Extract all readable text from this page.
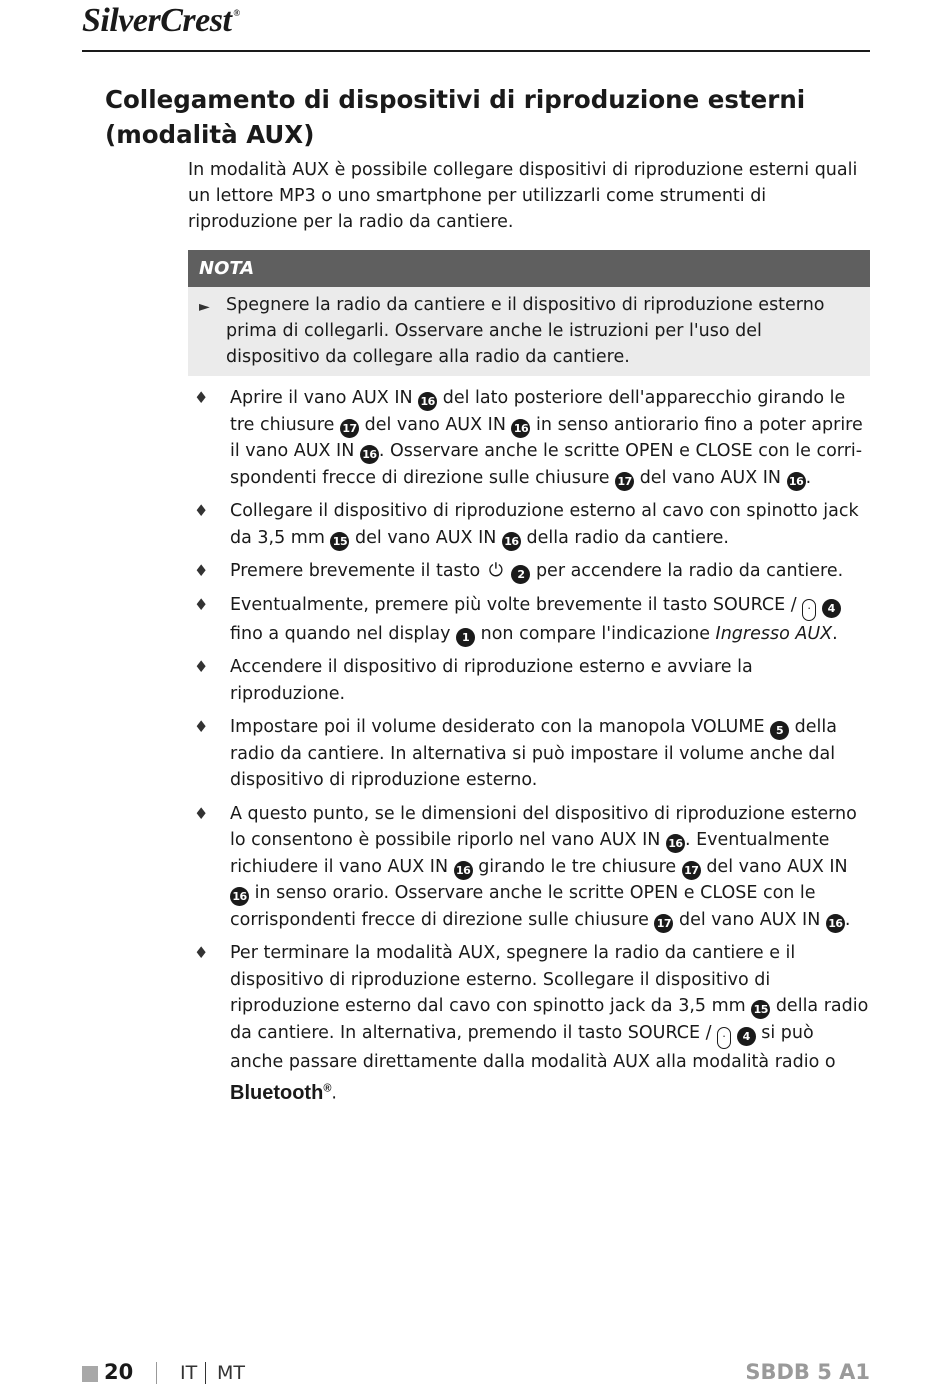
SilverCrest ®
Collegamento di dispositivi di riproduzione esterni (modalità AUX)

In modalità AUX è possibile collegare dispositivi di riproduzione esterni quali un lettore MP3 o uno smartphone per utilizzarli come strumenti di riproduzione per la radio da cantiere.

NOTA
► Spegnere la radio da cantiere e il dispositivo di riproduzione esterno prima di collegarli. Osservare anche le istruzioni per l'uso del dispositivo da collegare alla radio da cantiere.
♦ Aprire il vano AUX IN 16 del lato posteriore dell'apparecchio girando le tre chiusure 17 del vano AUX IN 16 in senso antiorario fino a poter aprire il vano AUX IN 16 . Osservare anche le scritte OPEN e CLOSE con le corri-spondenti frecce di direzione sulle chiusure 17 del vano AUX IN 16 .
♦ Collegare il dispositivo di riproduzione esterno al cavo con spinotto jack da 3,5 mm 15 del vano AUX IN 16 della radio da cantiere.
♦ Premere brevemente il tasto ⏻ 2 per accendere la radio da cantiere.
♦ Eventualmente, premere più volte brevemente il tasto SOURCE / ᛫ 4 fino a quando nel display 1 non compare l'indicazione Ingresso AUX.
♦ Accendere il dispositivo di riproduzione esterno e avviare la riproduzione.
♦ Impostare poi il volume desiderato con la manopola VOLUME 5 della radio da cantiere. In alternativa si può impostare il volume anche dal dispositivo di riproduzione esterno.
♦ A questo punto, se le dimensioni del dispositivo di riproduzione esterno lo consentono è possibile riporlo nel vano AUX IN 16 . Eventualmente richiudere il vano AUX IN 16 girando le tre chiusure 17 del vano AUX IN 16 in senso orario. Osservare anche le scritte OPEN e CLOSE con le corrispondenti frecce di direzione sulle chiusure 17 del vano AUX IN 16 .
♦ Per terminare la modalità AUX, spegnere la radio da cantiere e il dispositivo di riproduzione esterno. Scollegare il dispositivo di riproduzione esterno dal cavo con spinotto jack da 3,5 mm 15 della radio da cantiere. In alternativa, premendo il tasto SOURCE / ᛫ 4 si può anche passare direttamente dalla modalità AUX alla modalità radio o Bluetooth®.
20 IT MT	SBDB 5 A1
